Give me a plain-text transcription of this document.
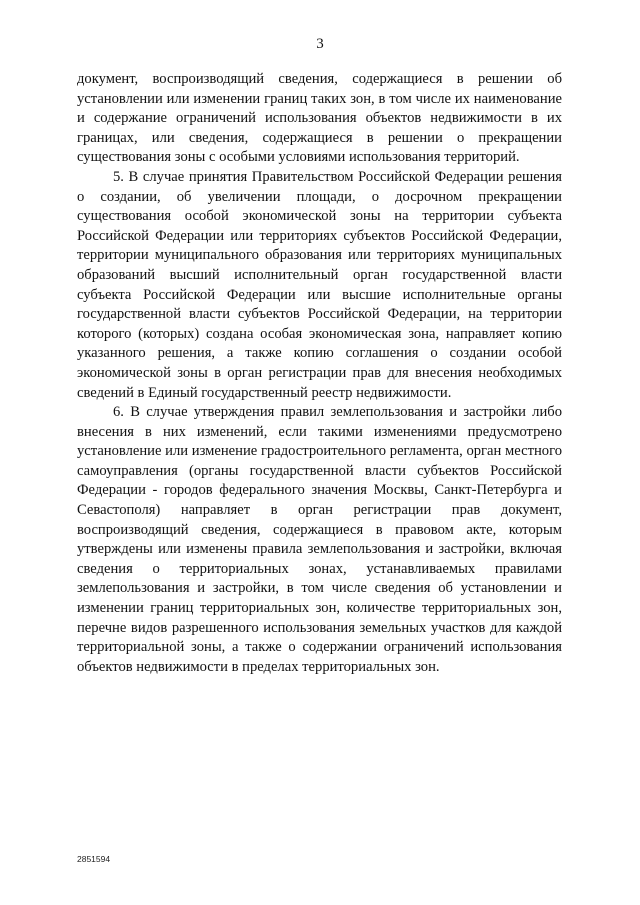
3

документ, воспроизводящий сведения, содержащиеся в решении об установлении или изменении границ таких зон, в том числе их наименование и содержание ограничений использования объектов недвижимости в их границах, или сведения, содержащиеся в решении о прекращении существования зоны с особыми условиями использования территорий.

5. В случае принятия Правительством Российской Федерации решения о создании, об увеличении площади, о досрочном прекращении существования особой экономической зоны на территории субъекта Российской Федерации или территориях субъектов Российской Федерации, территории муниципального образования или территориях муниципальных образований высший исполнительный орган государственной власти субъекта Российской Федерации или высшие исполнительные органы государственной власти субъектов Российской Федерации, на территории которого (которых) создана особая экономическая зона, направляет копию указанного решения, а также копию соглашения о создании особой экономической зоны в орган регистрации прав для внесения необходимых сведений в Единый государственный реестр недвижимости.

6. В случае утверждения правил землепользования и застройки либо внесения в них изменений, если такими изменениями предусмотрено установление или изменение градостроительного регламента, орган местного самоуправления (органы государственной власти субъектов Российской Федерации - городов федерального значения Москвы, Санкт-Петербурга и Севастополя) направляет в орган регистрации прав документ, воспроизводящий сведения, содержащиеся в правовом акте, которым утверждены или изменены правила землепользования и застройки, включая сведения о территориальных зонах, устанавливаемых правилами землепользования и застройки, в том числе сведения об установлении и изменении границ территориальных зон, количестве территориальных зон, перечне видов разрешенного использования земельных участков для каждой территориальной зоны, а также о содержании ограничений использования объектов недвижимости в пределах территориальных зон.

2851594
